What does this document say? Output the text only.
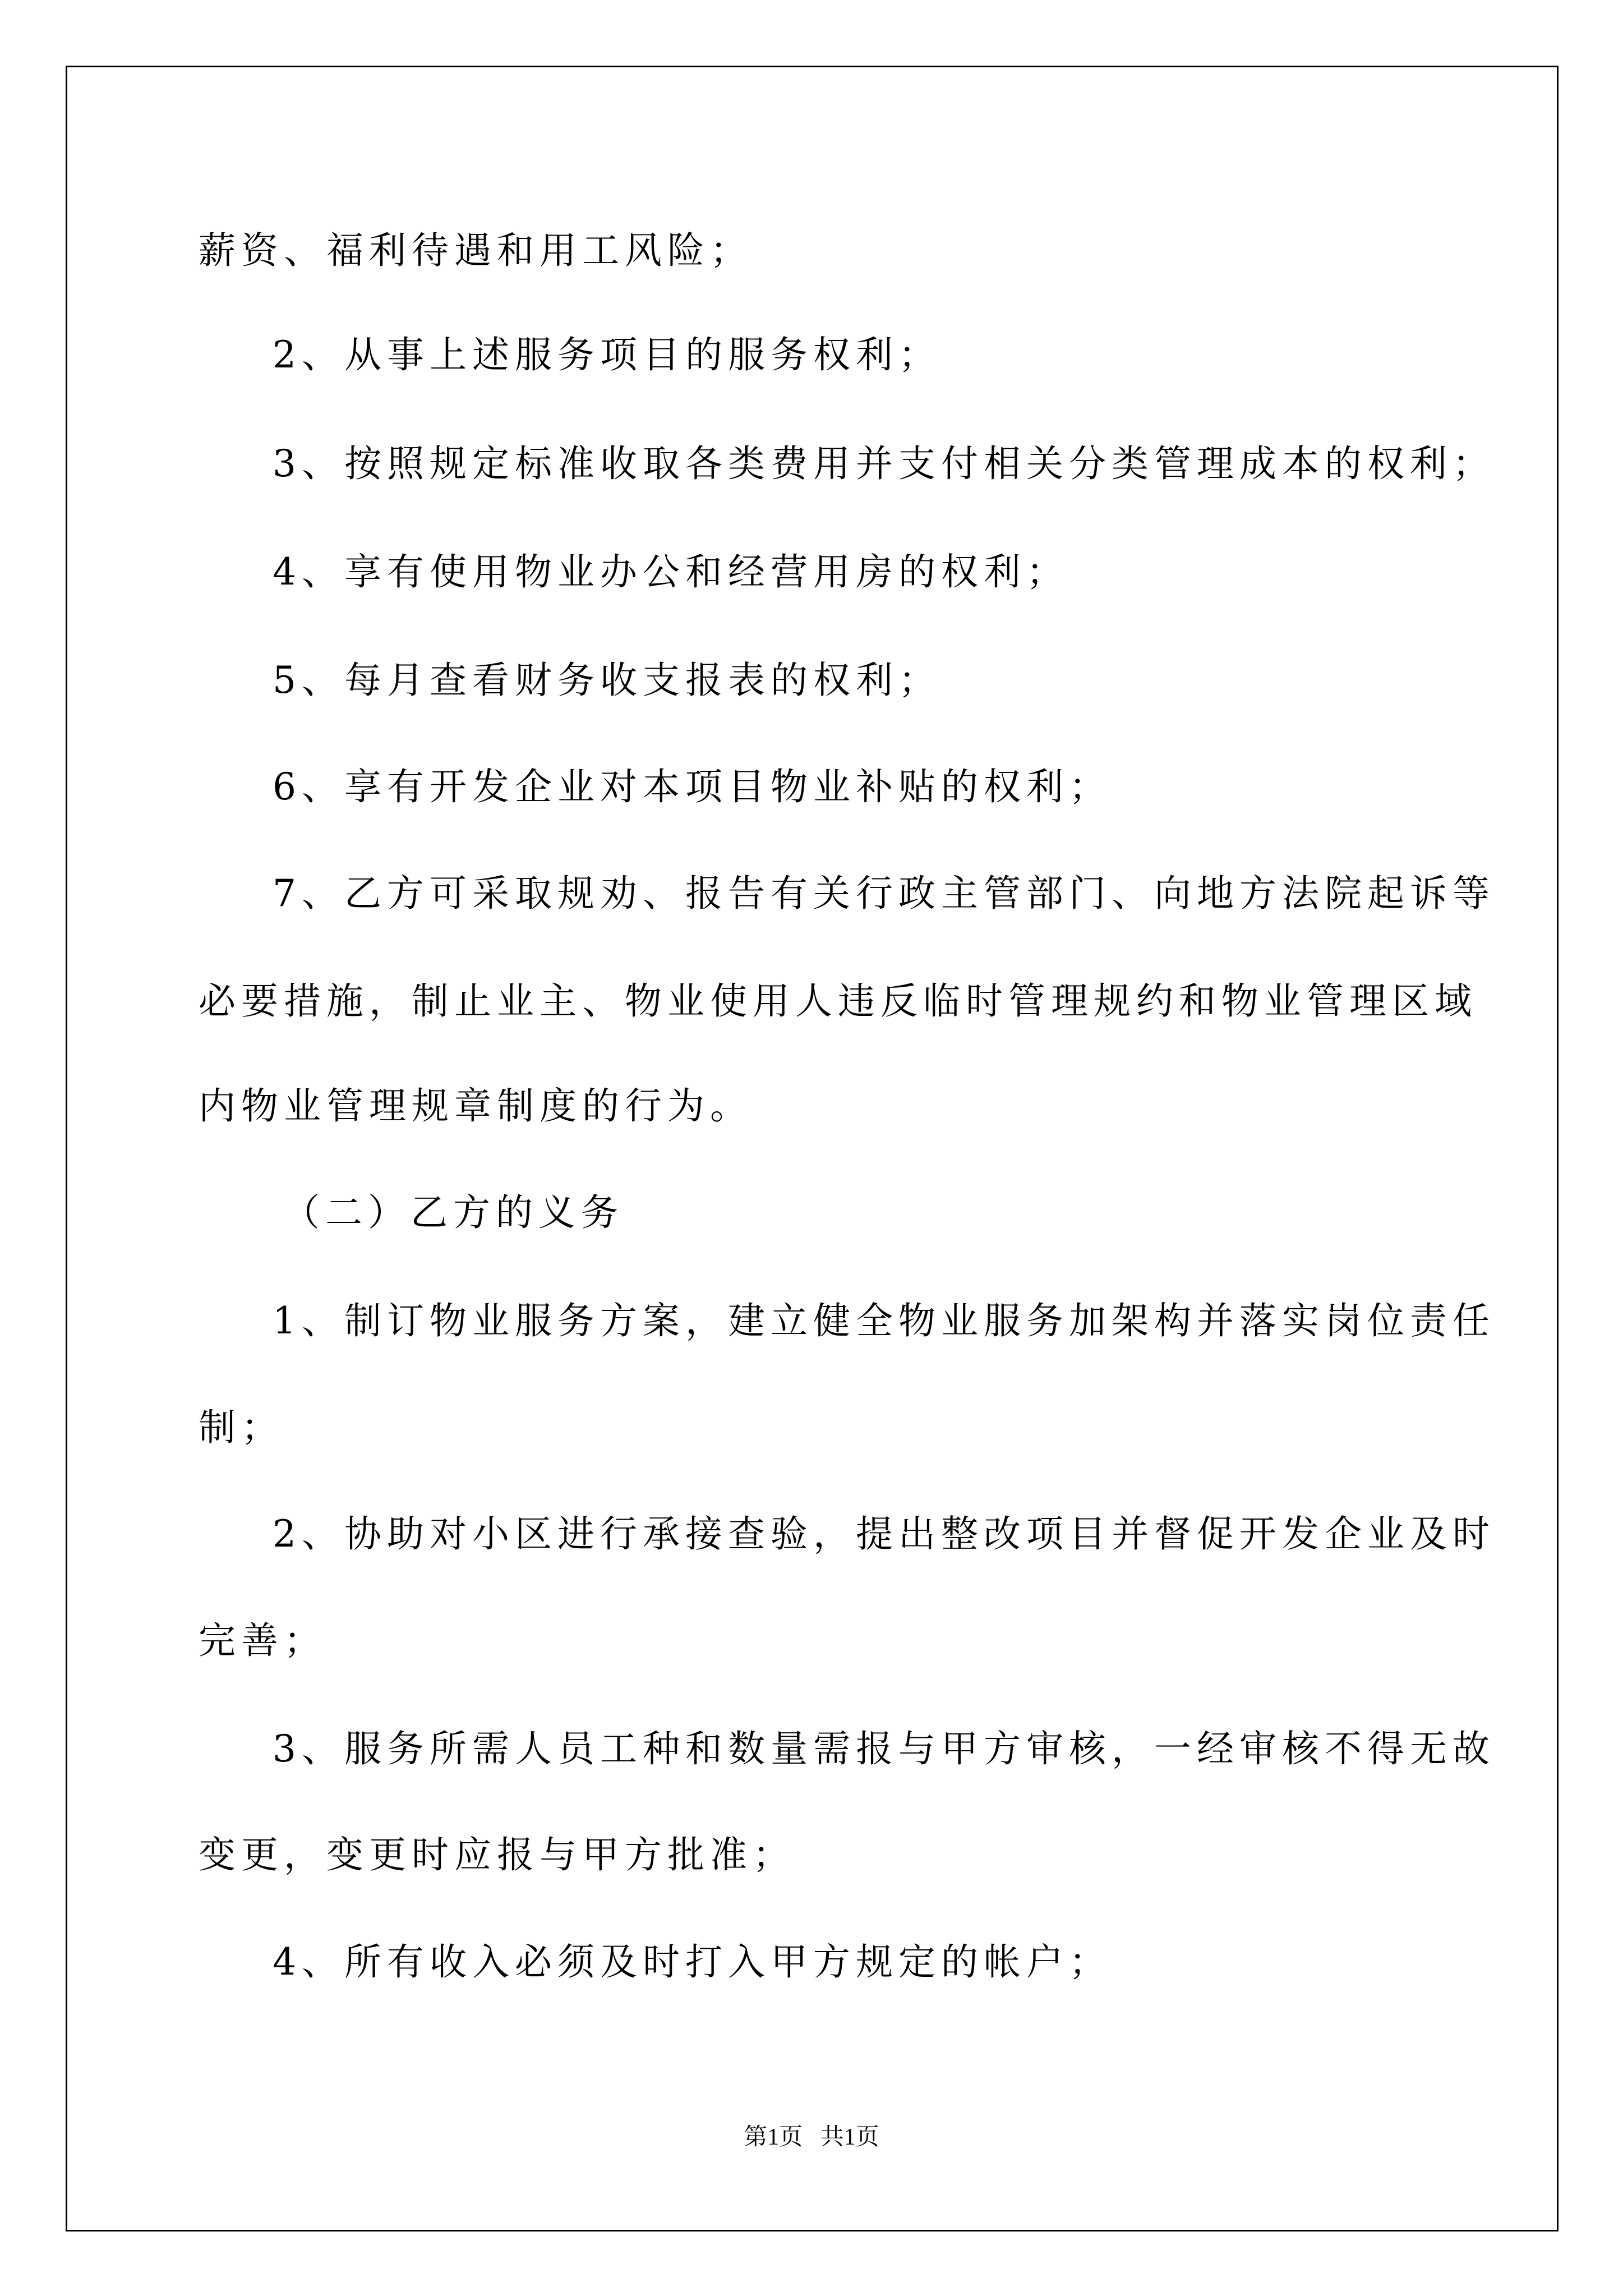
薪资、福利待遇和用工风险；
2、从事上述服务项目的服务权利；
3、按照规定标准收取各类费用并支付相关分类管理成本的权利；
4、享有使用物业办公和经营用房的权利；
5、每月查看财务收支报表的权利；
6、享有开发企业对本项目物业补贴的权利；
7、乙方可采取规劝、报告有关行政主管部门、向地方法院起诉等
必要措施，制止业主、物业使用人违反临时管理规约和物业管理区域
内物业管理规章制度的行为。
（二）乙方的义务
1、制订物业服务方案，建立健全物业服务加架构并落实岗位责任
制；
2、协助对小区进行承接查验，提出整改项目并督促开发企业及时
完善；
3、服务所需人员工种和数量需报与甲方审核，一经审核不得无故
变更，变更时应报与甲方批准；
4、所有收入必须及时打入甲方规定的帐户；
第1页   共1页
